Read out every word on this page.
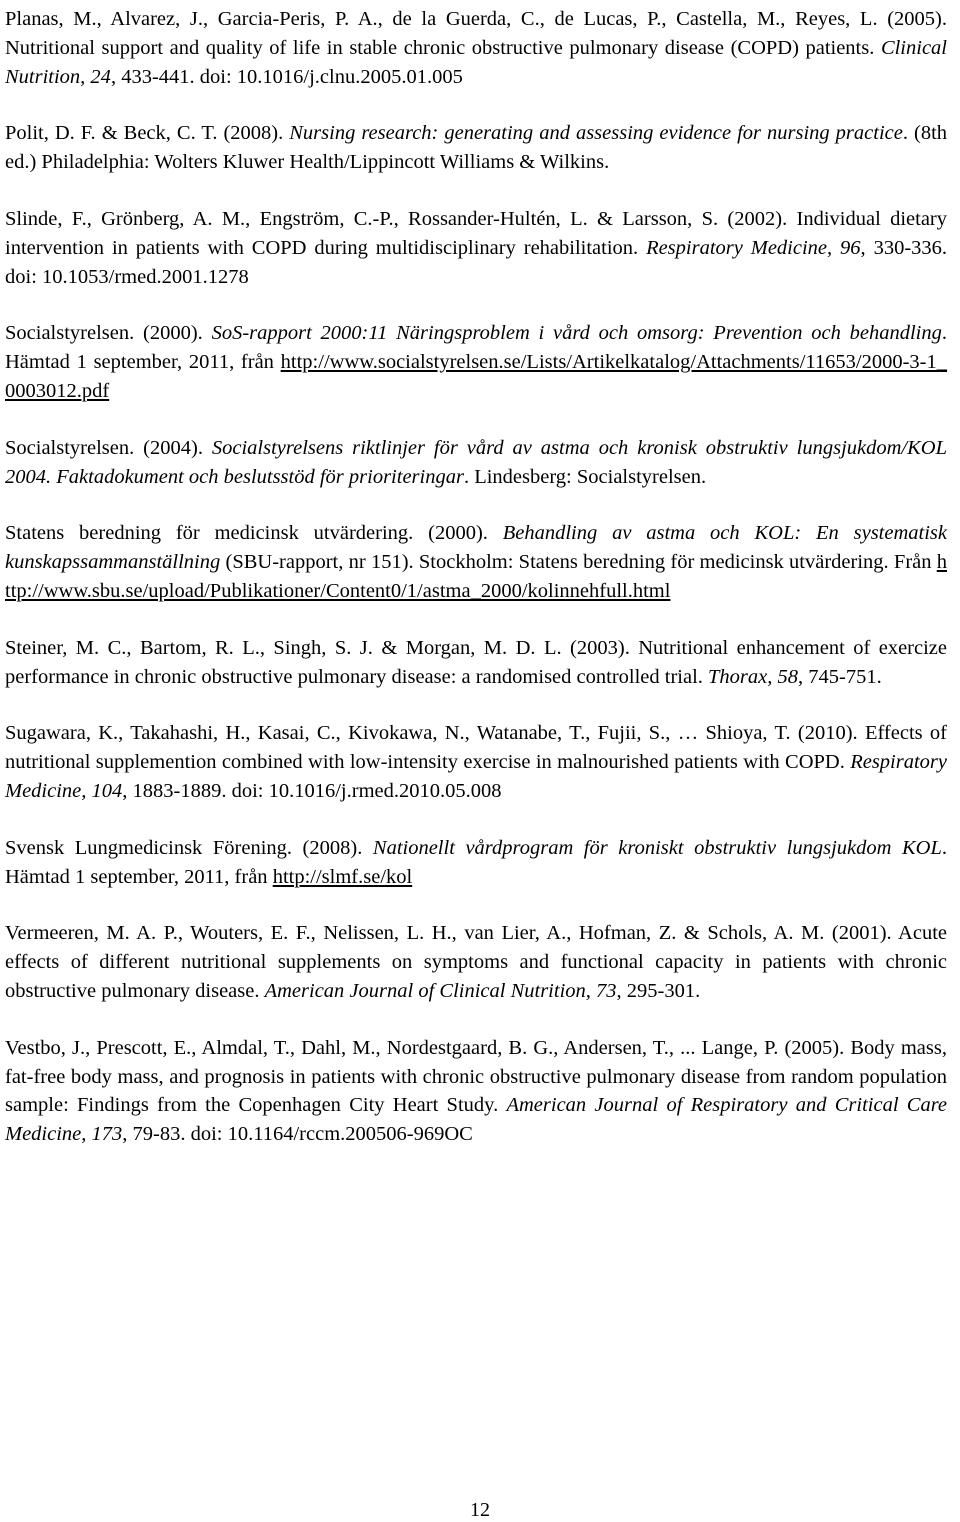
Planas, M., Alvarez, J., Garcia-Peris, P. A., de la Guerda, C., de Lucas, P., Castella, M., Reyes, L. (2005). Nutritional support and quality of life in stable chronic obstructive pulmonary disease (COPD) patients. Clinical Nutrition, 24, 433-441. doi: 10.1016/j.clnu.2005.01.005

Polit, D. F. & Beck, C. T. (2008). Nursing research: generating and assessing evidence for nursing practice. (8th ed.) Philadelphia: Wolters Kluwer Health/Lippincott Williams & Wilkins.

Slinde, F., Grönberg, A. M., Engström, C.-P., Rossander-Hultén, L. & Larsson, S. (2002). Individual dietary intervention in patients with COPD during multidisciplinary rehabilitation. Respiratory Medicine, 96, 330-336. doi: 10.1053/rmed.2001.1278

Socialstyrelsen. (2000). SoS-rapport 2000:11 Näringsproblem i vård och omsorg: Prevention och behandling. Hämtad 1 september, 2011, från http://www.socialstyrelsen.se/Lists/Artikelkatalog/Attachments/11653/2000-3-1_0003012.pdf

Socialstyrelsen. (2004). Socialstyrelsens riktlinjer för vård av astma och kronisk obstruktiv lungsjukdom/KOL 2004. Faktadokument och beslutsstöd för prioriteringar. Lindesberg: Socialstyrelsen.

Statens beredning för medicinsk utvärdering. (2000). Behandling av astma och KOL: En systematisk kunskapssammanställning (SBU-rapport, nr 151). Stockholm: Statens beredning för medicinsk utvärdering. Från http://www.sbu.se/upload/Publikationer/Content0/1/astma_2000/kolinnehfull.html

Steiner, M. C., Bartom, R. L., Singh, S. J. & Morgan, M. D. L. (2003). Nutritional enhancement of exercize performance in chronic obstructive pulmonary disease: a randomised controlled trial. Thorax, 58, 745-751.

Sugawara, K., Takahashi, H., Kasai, C., Kivokawa, N., Watanabe, T., Fujii, S., … Shioya, T. (2010). Effects of nutritional supplemention combined with low-intensity exercise in malnourished patients with COPD. Respiratory Medicine, 104, 1883-1889. doi: 10.1016/j.rmed.2010.05.008

Svensk Lungmedicinsk Förening. (2008). Nationellt vårdprogram för kroniskt obstruktiv lungsjukdom KOL. Hämtad 1 september, 2011, från http://slmf.se/kol

Vermeeren, M. A. P., Wouters, E. F., Nelissen, L. H., van Lier, A., Hofman, Z. & Schols, A. M. (2001). Acute effects of different nutritional supplements on symptoms and functional capacity in patients with chronic obstructive pulmonary disease. American Journal of Clinical Nutrition, 73, 295-301.

Vestbo, J., Prescott, E., Almdal, T., Dahl, M., Nordestgaard, B. G., Andersen, T., ... Lange, P. (2005). Body mass, fat-free body mass, and prognosis in patients with chronic obstructive pulmonary disease from random population sample: Findings from the Copenhagen City Heart Study. American Journal of Respiratory and Critical Care Medicine, 173, 79-83. doi: 10.1164/rccm.200506-969OC

12
